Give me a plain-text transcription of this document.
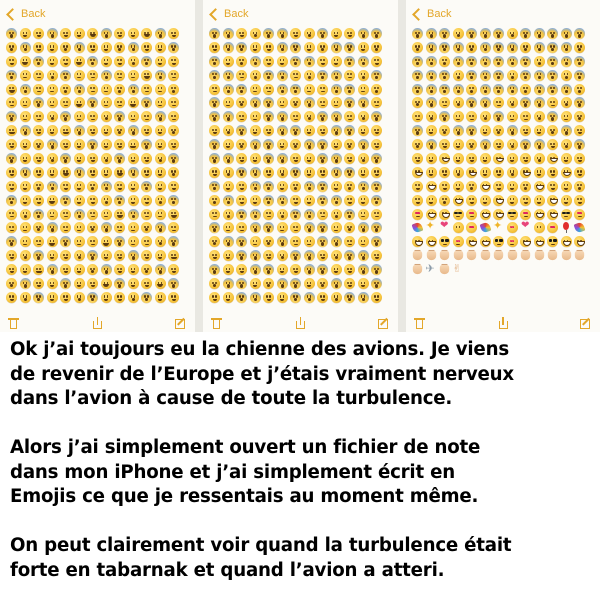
Back	Back	Back
✦
❤
✦
❤
✈
✌

Ok j’ai toujours eu la chienne des avions. Je viens
de revenir de l’Europe et j’étais vraiment nerveux
dans l’avion à cause de toute la turbulence.

Alors j’ai simplement ouvert un fichier de note
dans mon iPhone et j’ai simplement écrit en
Emojis ce que je ressentais au moment même.

On peut clairement voir quand la turbulence était
forte en tabarnak et quand l’avion a atteri.
